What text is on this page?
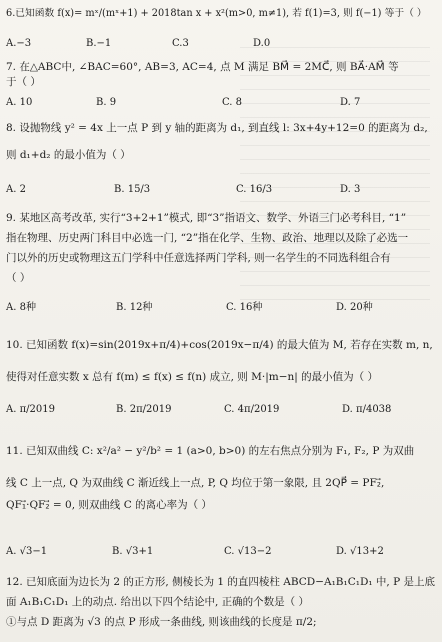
6.已知函数 f(x)= mˣ/(mˣ+1) + 2018tan x + x²(m>0, m≠1), 若 f(1)=3, 则 f(−1) 等于（ ）
A.−3	B.−1	C.3	D.0
7. 在△ABC中, ∠BAC=60°, AB=3, AC=4, 点 M 满足 BM⃗ = 2MC⃗, 则 BA⃗·AM⃗ 等
于（ ）
A. 10	B. 9	C. 8	D. 7
8. 设抛物线 y² = 4x 上一点 P 到 y 轴的距离为 d₁, 到直线 l: 3x+4y+12=0 的距离为 d₂,
则 d₁+d₂ 的最小值为（ ）
A. 2	B. 15/3	C. 16/3	D. 3
9. 某地区高考改革, 实行“3+2+1”模式, 即“3”指语文、数学、外语三门必考科目, “1”
指在物理、历史两门科目中必选一门, “2”指在化学、生物、政治、地理以及除了必选一
门以外的历史或物理这五门学科中任意选择两门学科, 则一名学生的不同选科组合有
（ ）
A. 8种	B. 12种	C. 16种	D. 20种
10. 已知函数 f(x)=sin(2019x+π/4)+cos(2019x−π/4) 的最大值为 M, 若存在实数 m, n,
使得对任意实数 x 总有 f(m) ≤ f(x) ≤ f(n) 成立, 则 M·|m−n| 的最小值为（ ）
A. π/2019	B. 2π/2019	C. 4π/2019	D. π/4038
11. 已知双曲线 C: x²/a² − y²/b² = 1 (a>0, b>0) 的左右焦点分别为 F₁, F₂, P 为双曲
线 C 上一点, Q 为双曲线 C 渐近线上一点, P, Q 均位于第一象限, 且 2QP⃗ = PF₂⃗,
QF₁⃗·QF₂⃗ = 0, 则双曲线 C 的离心率为（ ）
A. √3−1	B. √3+1	C. √13−2	D. √13+2
12. 已知底面为边长为 2 的正方形, 侧棱长为 1 的直四棱柱 ABCD−A₁B₁C₁D₁ 中, P 是上底
面 A₁B₁C₁D₁ 上的动点. 给出以下四个结论中, 正确的个数是（ ）
①与点 D 距离为 √3 的点 P 形成一条曲线, 则该曲线的长度是 π/2;
